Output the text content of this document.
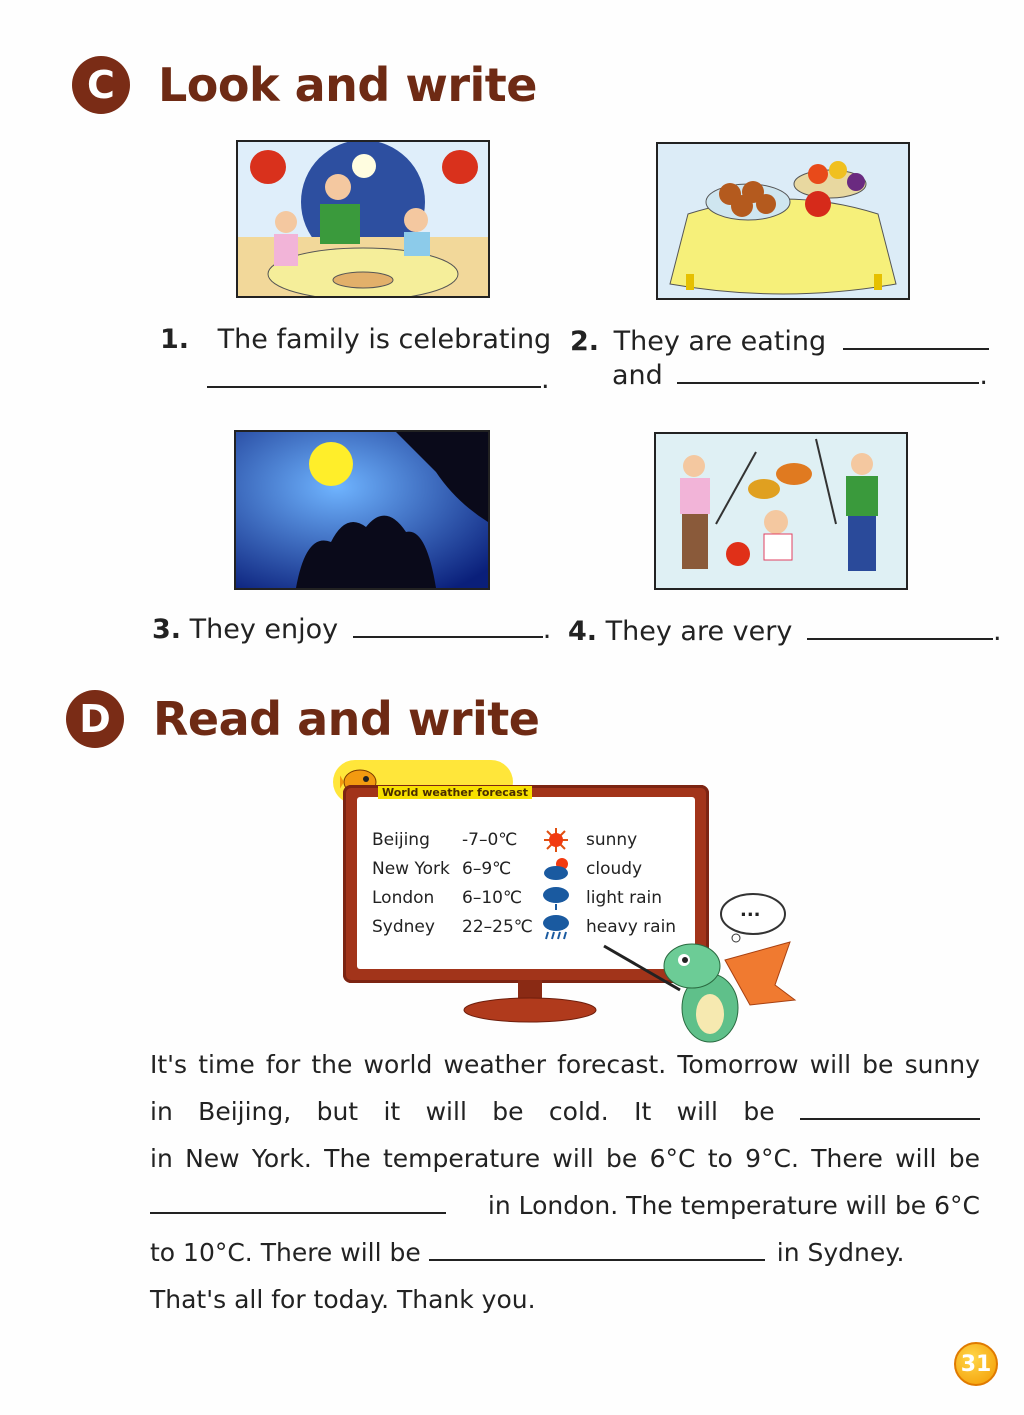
C Look and write
1. The family is celebrating
.
2. They are eating
and	.
3. They enjoy	. 4. They are very	.
D Read and write
World weather forecast
Beijing	-7–0℃	sunny
New York 6–9℃	cloudy
London	6–10℃	light rain
Sydney	22–25℃	heavy rain
...
It's time for the world weather forecast. Tomorrow will be sunny
in Beijing, but it will be cold. It will be
in New York. The temperature will be 6°C to 9°C. There will be
in London. The temperature will be 6°C
to 10°C. There will be	in Sydney.
That's all for today. Thank you.
31
